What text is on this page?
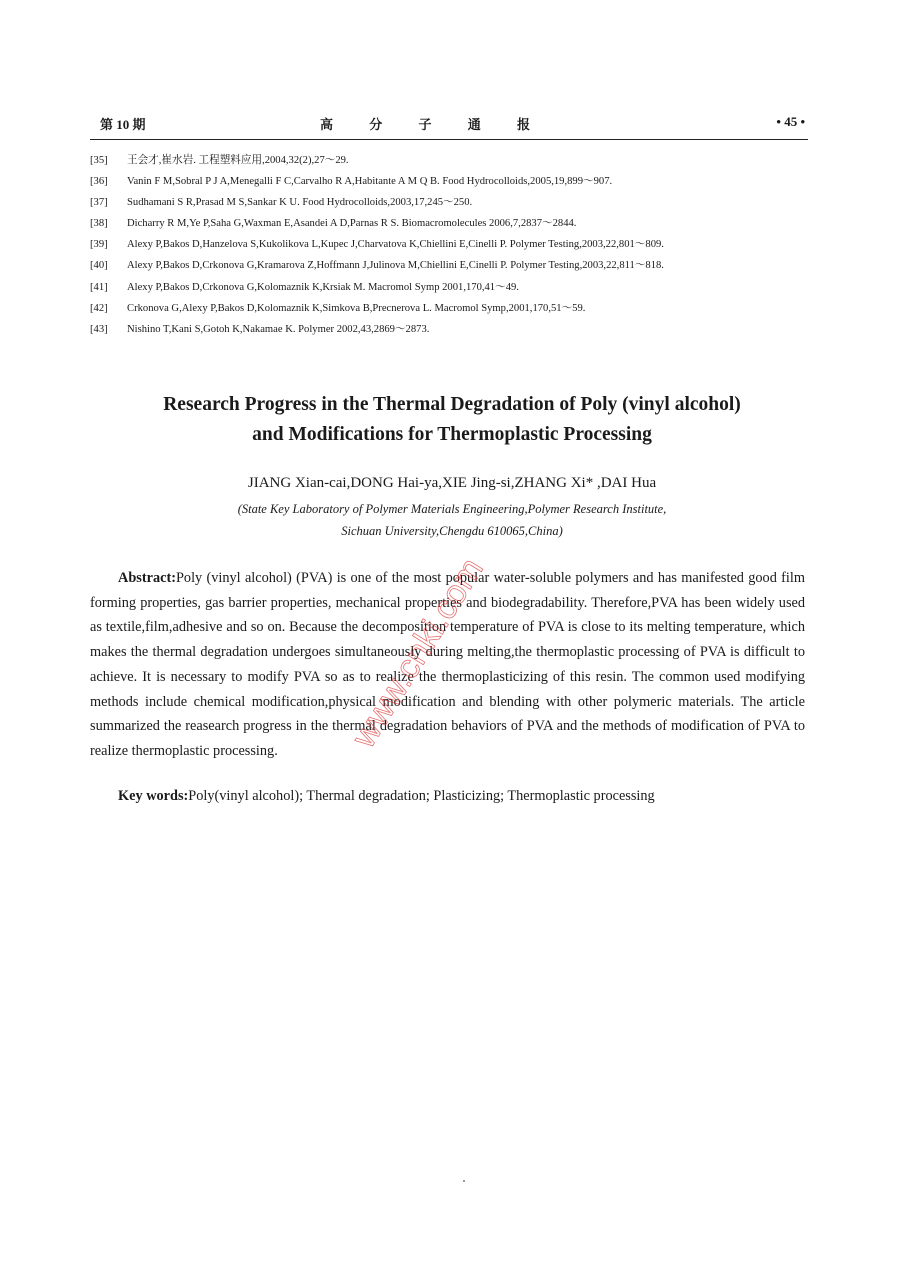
第 10 期	高	分	子	通	报	• 45 •
[35] 王会才,崔水岩. 工程塑料应用,2004,32(2),27～29.
[36] Vanin F M,Sobral P J A,Menegalli F C,Carvalho R A,Habitante A M Q B. Food Hydrocolloids,2005,19,899～907.
[37] Sudhamani S R,Prasad M S,Sankar K U. Food Hydrocolloids,2003,17,245～250.
[38] Dicharry R M,Ye P,Saha G,Waxman E,Asandei A D,Parnas R S. Biomacromolecules 2006,7,2837～2844.
[39] Alexy P,Bakos D,Hanzelova S,Kukolikova L,Kupec J,Charvatova K,Chiellini E,Cinelli P. Polymer Testing,2003,22,801～809.
[40] Alexy P,Bakos D,Crkonova G,Kramarova Z,Hoffmann J,Julinova M,Chiellini E,Cinelli P. Polymer Testing,2003,22,811～818.
[41] Alexy P,Bakos D,Crkonova G,Kolomaznik K,Krsiak M. Macromol Symp 2001,170,41～49.
[42] Crkonova G,Alexy P,Bakos D,Kolomaznik K,Simkova B,Precnerova L. Macromol Symp,2001,170,51～59.
[43] Nishino T,Kani S,Gotoh K,Nakamae K. Polymer 2002,43,2869～2873.
Research Progress in the Thermal Degradation of Poly (vinyl alcohol)
and Modifications for Thermoplastic Processing
JIANG Xian-cai,DONG Hai-ya,XIE Jing-si,ZHANG Xi* ,DAI Hua
(State Key Laboratory of Polymer Materials Engineering,Polymer Research Institute,
Sichuan University,Chengdu 610065,China)
Abstract:Poly (vinyl alcohol) (PVA) is one of the most popular water-soluble polymers and has manifested good film forming properties, gas barrier properties, mechanical properties and biodegradability. Therefore,PVA has been widely used as textile,film,adhesive and so on. Because the decomposition temperature of PVA is close to its melting temperature, which makes the thermal degradation undergoes simultaneously during melting,the thermoplastic processing of PVA is difficult to achieve. It is necessary to modify PVA so as to realize the thermoplasticizing of this resin. The common used modifying methods include chemical modification,physical modification and blending with other polymeric materials. The article summarized the reasearch progress in the thermal degradation behaviors of PVA and the methods of modification of PVA to realize thermoplastic processing.
Key words:Poly(vinyl alcohol); Thermal degradation; Plasticizing; Thermoplastic processing
www.cnki.com
